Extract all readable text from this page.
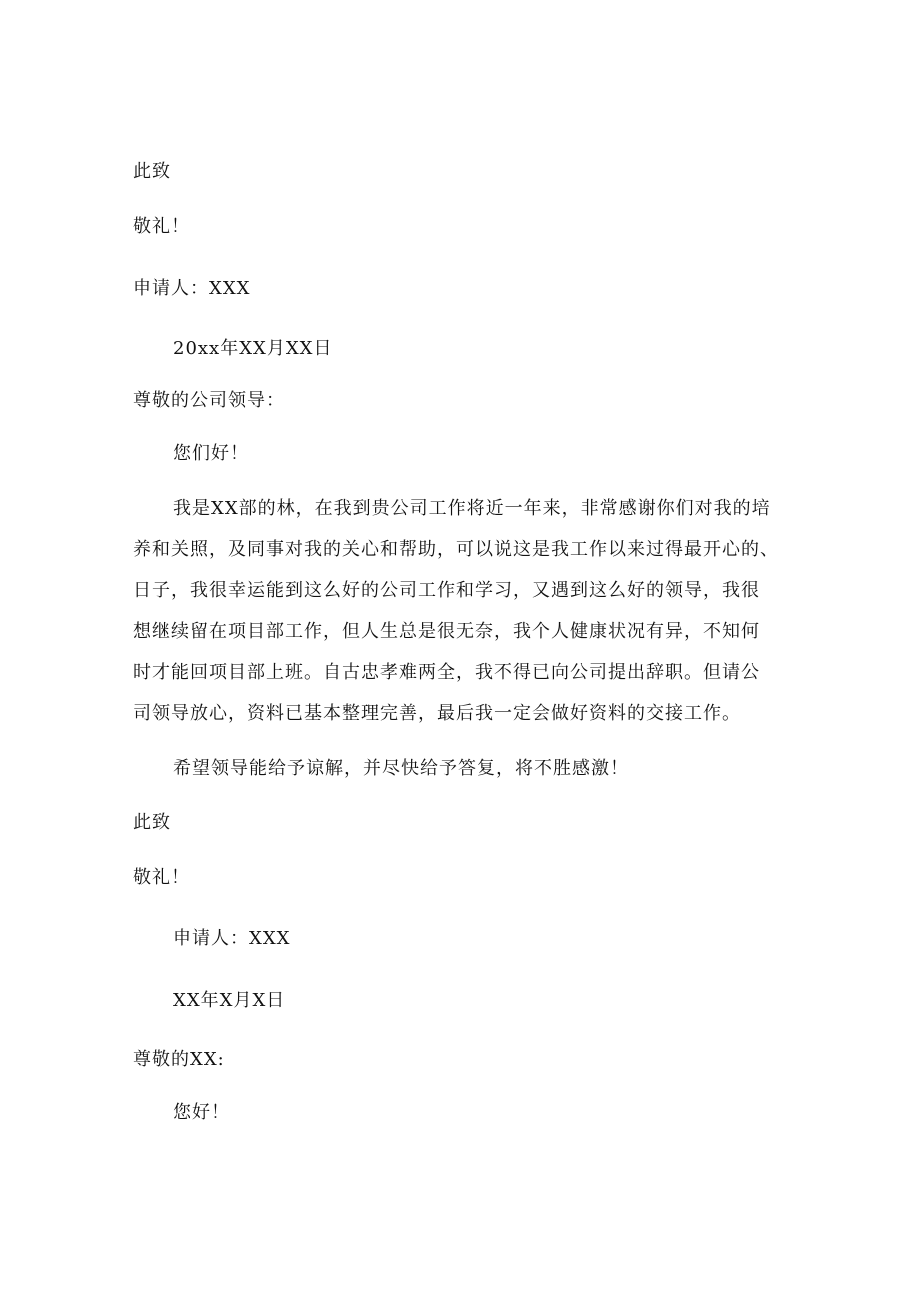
此致
敬礼！
申请人：XXX
20xx年XX月XX日
尊敬的公司领导：
您们好！
我是XX部的林，在我到贵公司工作将近一年来，非常感谢你们对我的培
养和关照，及同事对我的关心和帮助，可以说这是我工作以来过得最开心的、
日子，我很幸运能到这么好的公司工作和学习，又遇到这么好的领导，我很
想继续留在项目部工作，但人生总是很无奈，我个人健康状况有异，不知何
时才能回项目部上班。自古忠孝难两全，我不得已向公司提出辞职。但请公
司领导放心，资料已基本整理完善，最后我一定会做好资料的交接工作。
希望领导能给予谅解，并尽快给予答复，将不胜感激！
此致
敬礼！
申请人：XXX
XX年X月X日
尊敬的XX:
您好！
